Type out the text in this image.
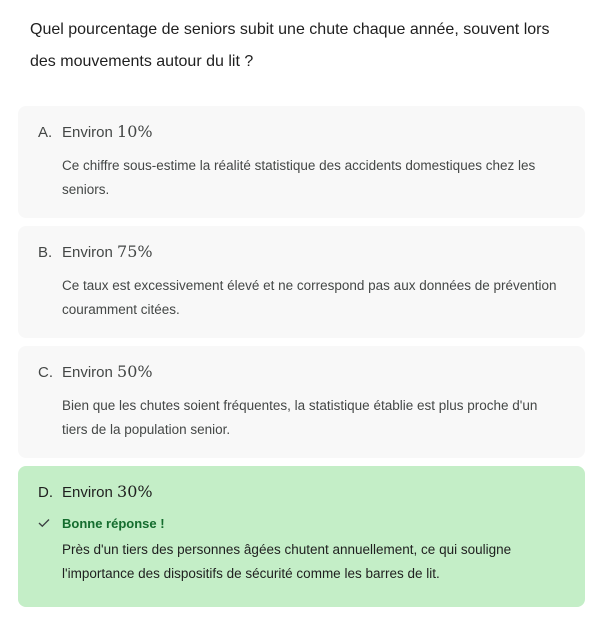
Quel pourcentage de seniors subit une chute chaque année, souvent lors des mouvements autour du lit ?
A. Environ 10%
Ce chiffre sous-estime la réalité statistique des accidents domestiques chez les seniors.
B. Environ 75%
Ce taux est excessivement élevé et ne correspond pas aux données de prévention couramment citées.
C. Environ 50%
Bien que les chutes soient fréquentes, la statistique établie est plus proche d'un tiers de la population senior.
D. Environ 30%
Bonne réponse !
Près d'un tiers des personnes âgées chutent annuellement, ce qui souligne l'importance des dispositifs de sécurité comme les barres de lit.
